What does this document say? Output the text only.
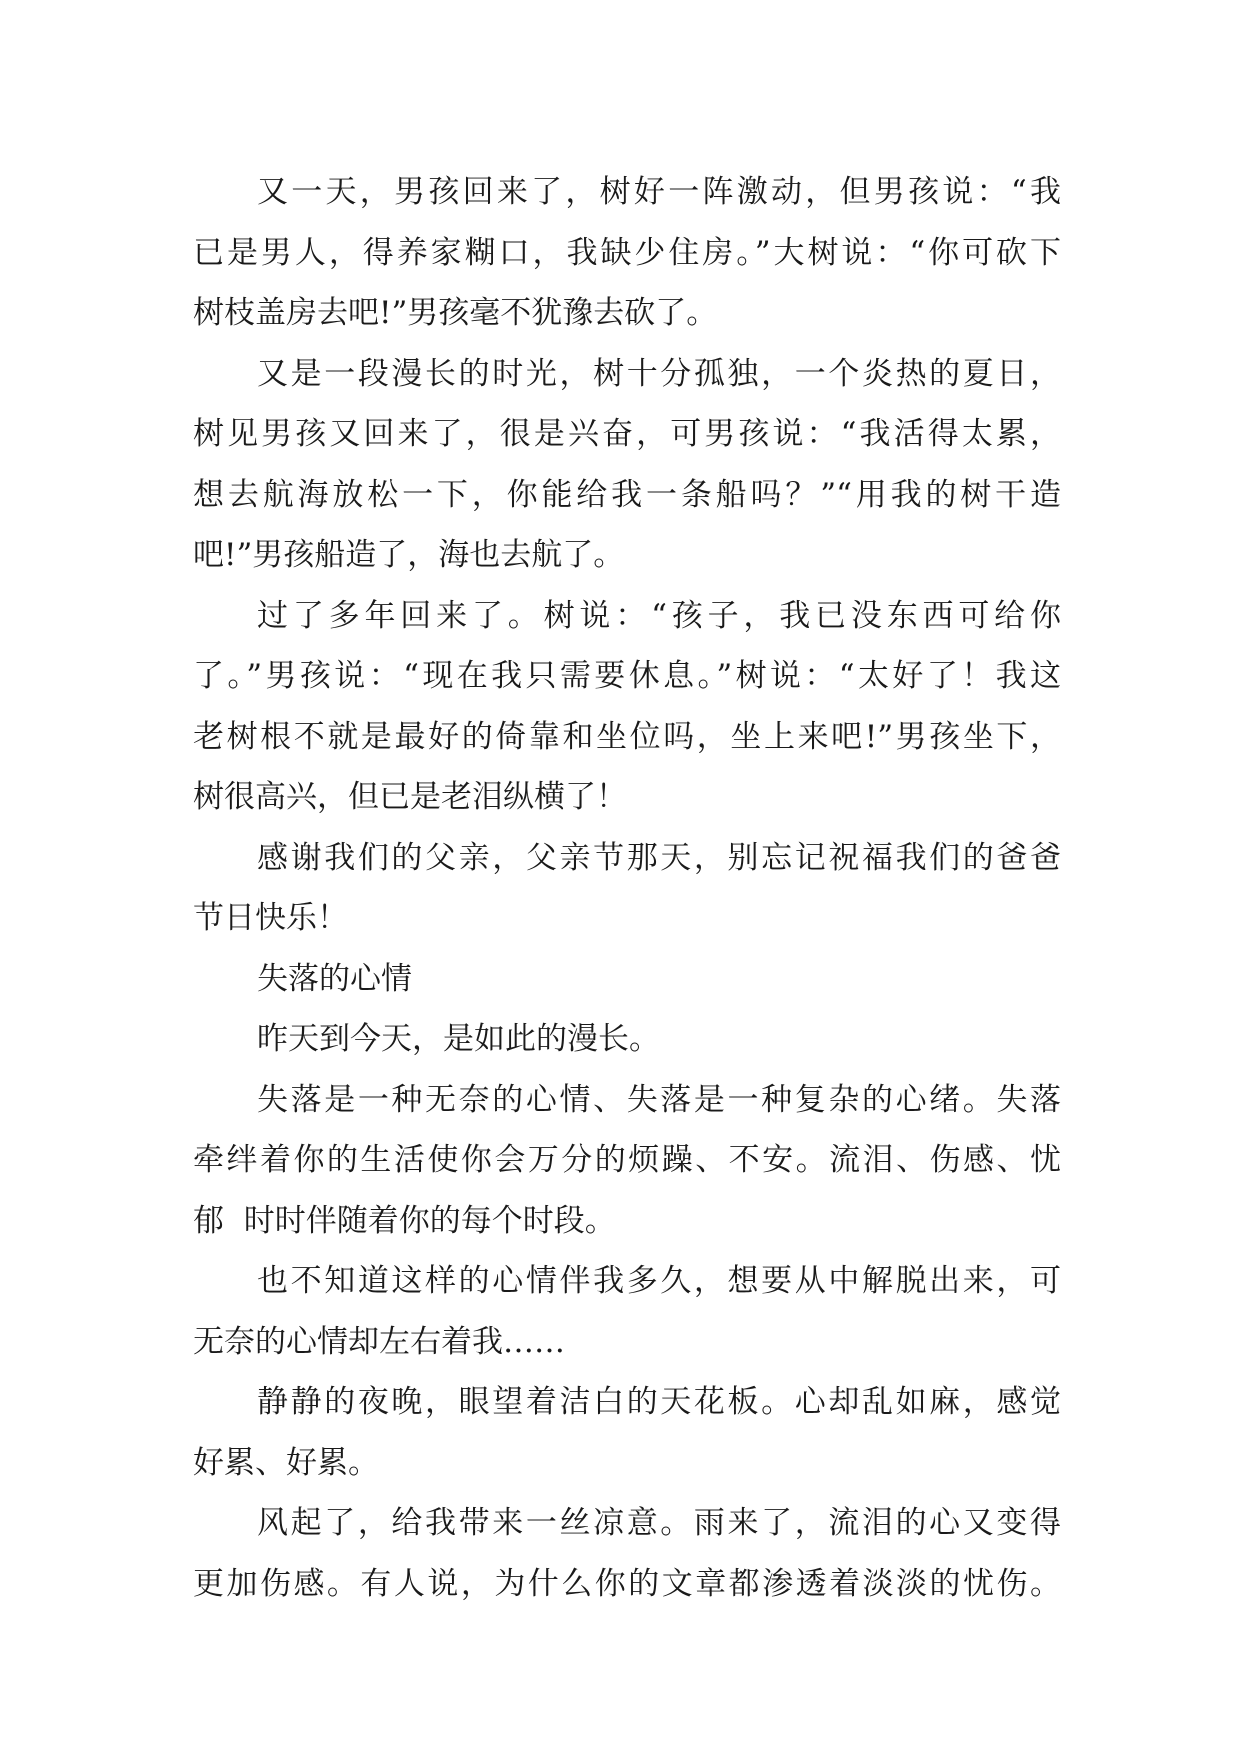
又一天，男孩回来了，树好一阵激动，但男孩说：“我
已是男人，得养家糊口，我缺少住房。”大树说：“你可砍下
树枝盖房去吧!”男孩毫不犹豫去砍了。
又是一段漫长的时光，树十分孤独，一个炎热的夏日，
树见男孩又回来了，很是兴奋，可男孩说：“我活得太累，
想去航海放松一下，你能给我一条船吗？”“用我的树干造
吧!”男孩船造了，海也去航了。
过了多年回来了。树说：“孩子，我已没东西可给你
了。”男孩说：“现在我只需要休息。”树说：“太好了！我这
老树根不就是最好的倚靠和坐位吗，坐上来吧!”男孩坐下，
树很高兴，但已是老泪纵横了！
感谢我们的父亲，父亲节那天，别忘记祝福我们的爸爸
节日快乐！
失落的心情
昨天到今天，是如此的漫长。
失落是一种无奈的心情、失落是一种复杂的心绪。失落
牵绊着你的生活使你会万分的烦躁、不安。流泪、伤感、忧
郁  时时伴随着你的每个时段。
也不知道这样的心情伴我多久，想要从中解脱出来，可
无奈的心情却左右着我……
静静的夜晚，眼望着洁白的天花板。心却乱如麻，感觉
好累、好累。
风起了，给我带来一丝凉意。雨来了，流泪的心又变得
更加伤感。有人说，为什么你的文章都渗透着淡淡的忧伤。
